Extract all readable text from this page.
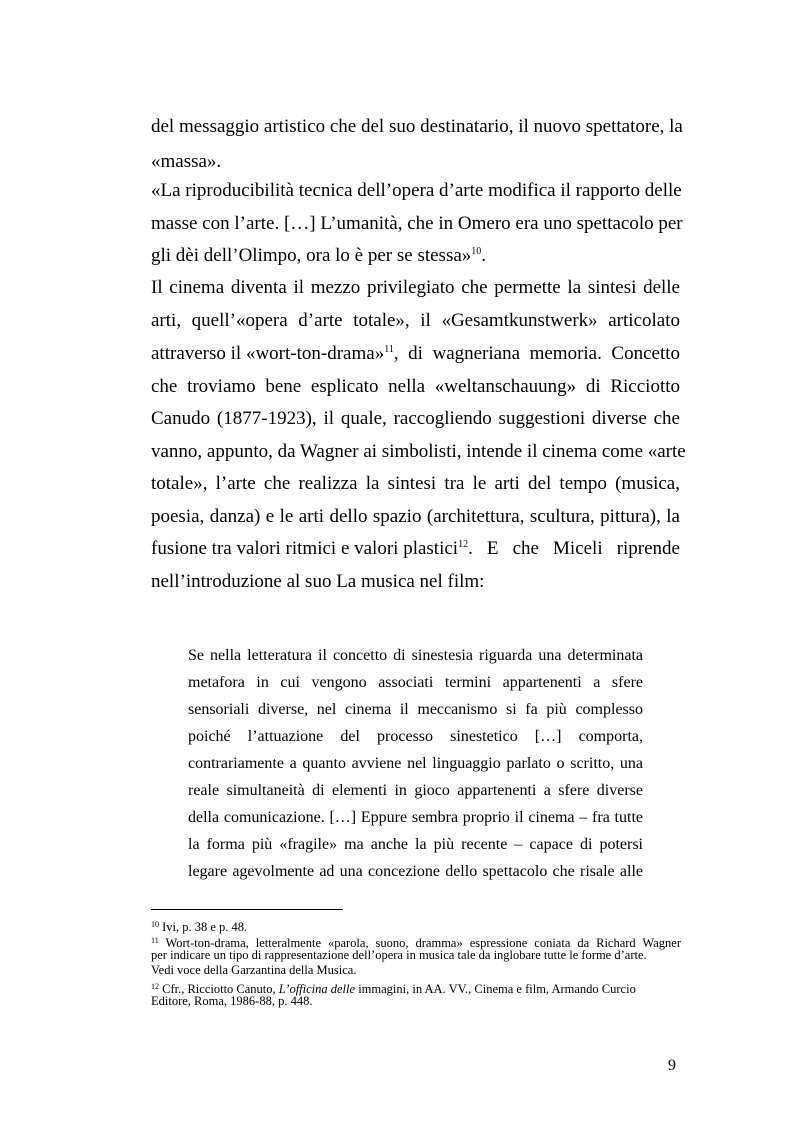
del messaggio artistico che del suo destinatario, il nuovo spettatore, la
«massa».
«La riproducibilità tecnica dell’opera d’arte modifica il rapporto delle
masse con l’arte. […] L’umanità, che in Omero era uno spettacolo per
gli dèi dell’Olimpo, ora lo è per se stessa»$^{10}$.
Il cinema diventa il mezzo privilegiato che permette la sintesi delle
arti, quell’«opera d’arte totale», il «Gesamtkunstwerk» articolato
attraverso il «wort-ton-drama»$^{11}$ , di wagneriana memoria. Concetto
che troviamo bene esplicato nella «weltanschauung» di Ricciotto
Canudo (1877-1923), il quale, raccogliendo suggestioni diverse che
vanno, appunto, da Wagner ai simbolisti, intende il cinema come «arte
totale», l’arte che realizza la sintesi tra le arti del tempo (musica,
poesia, danza) e le arti dello spazio (architettura, scultura, pittura), la
fusione tra valori ritmici e valori plastici$^{12}$ . E che Miceli riprende
nell’introduzione al suo La musica nel film:
Se nella letteratura il concetto di sinestesia riguarda una determinata
metafora in cui vengono associati termini appartenenti a sfere
sensoriali diverse, nel cinema il meccanismo si fa più complesso
poiché l’attuazione del processo sinestetico […] comporta,
contrariamente a quanto avviene nel linguaggio parlato o scritto, una
reale simultaneità di elementi in gioco appartenenti a sfere diverse
della comunicazione. […] Eppure sembra proprio il cinema – fra tutte
la forma più «fragile» ma anche la più recente – capace di potersi
legare agevolmente ad una concezione dello spettacolo che risale alle
$^{10}$ Ivi, p. 38 e p. 48.
$^{11}$ Wort-ton-drama, letteralmente «parola, suono, dramma» espressione coniata da Richard Wagner
per indicare un tipo di rappresentazione dell’opera in musica tale da inglobare tutte le forme d’arte.
Vedi voce della Garzantina della Musica.
$^{12}$ Cfr., Ricciotto Canuto, L’officina delle immagini, in AA. VV., Cinema e film, Armando Curcio
Editore, Roma, 1986-88, p. 448.
9
